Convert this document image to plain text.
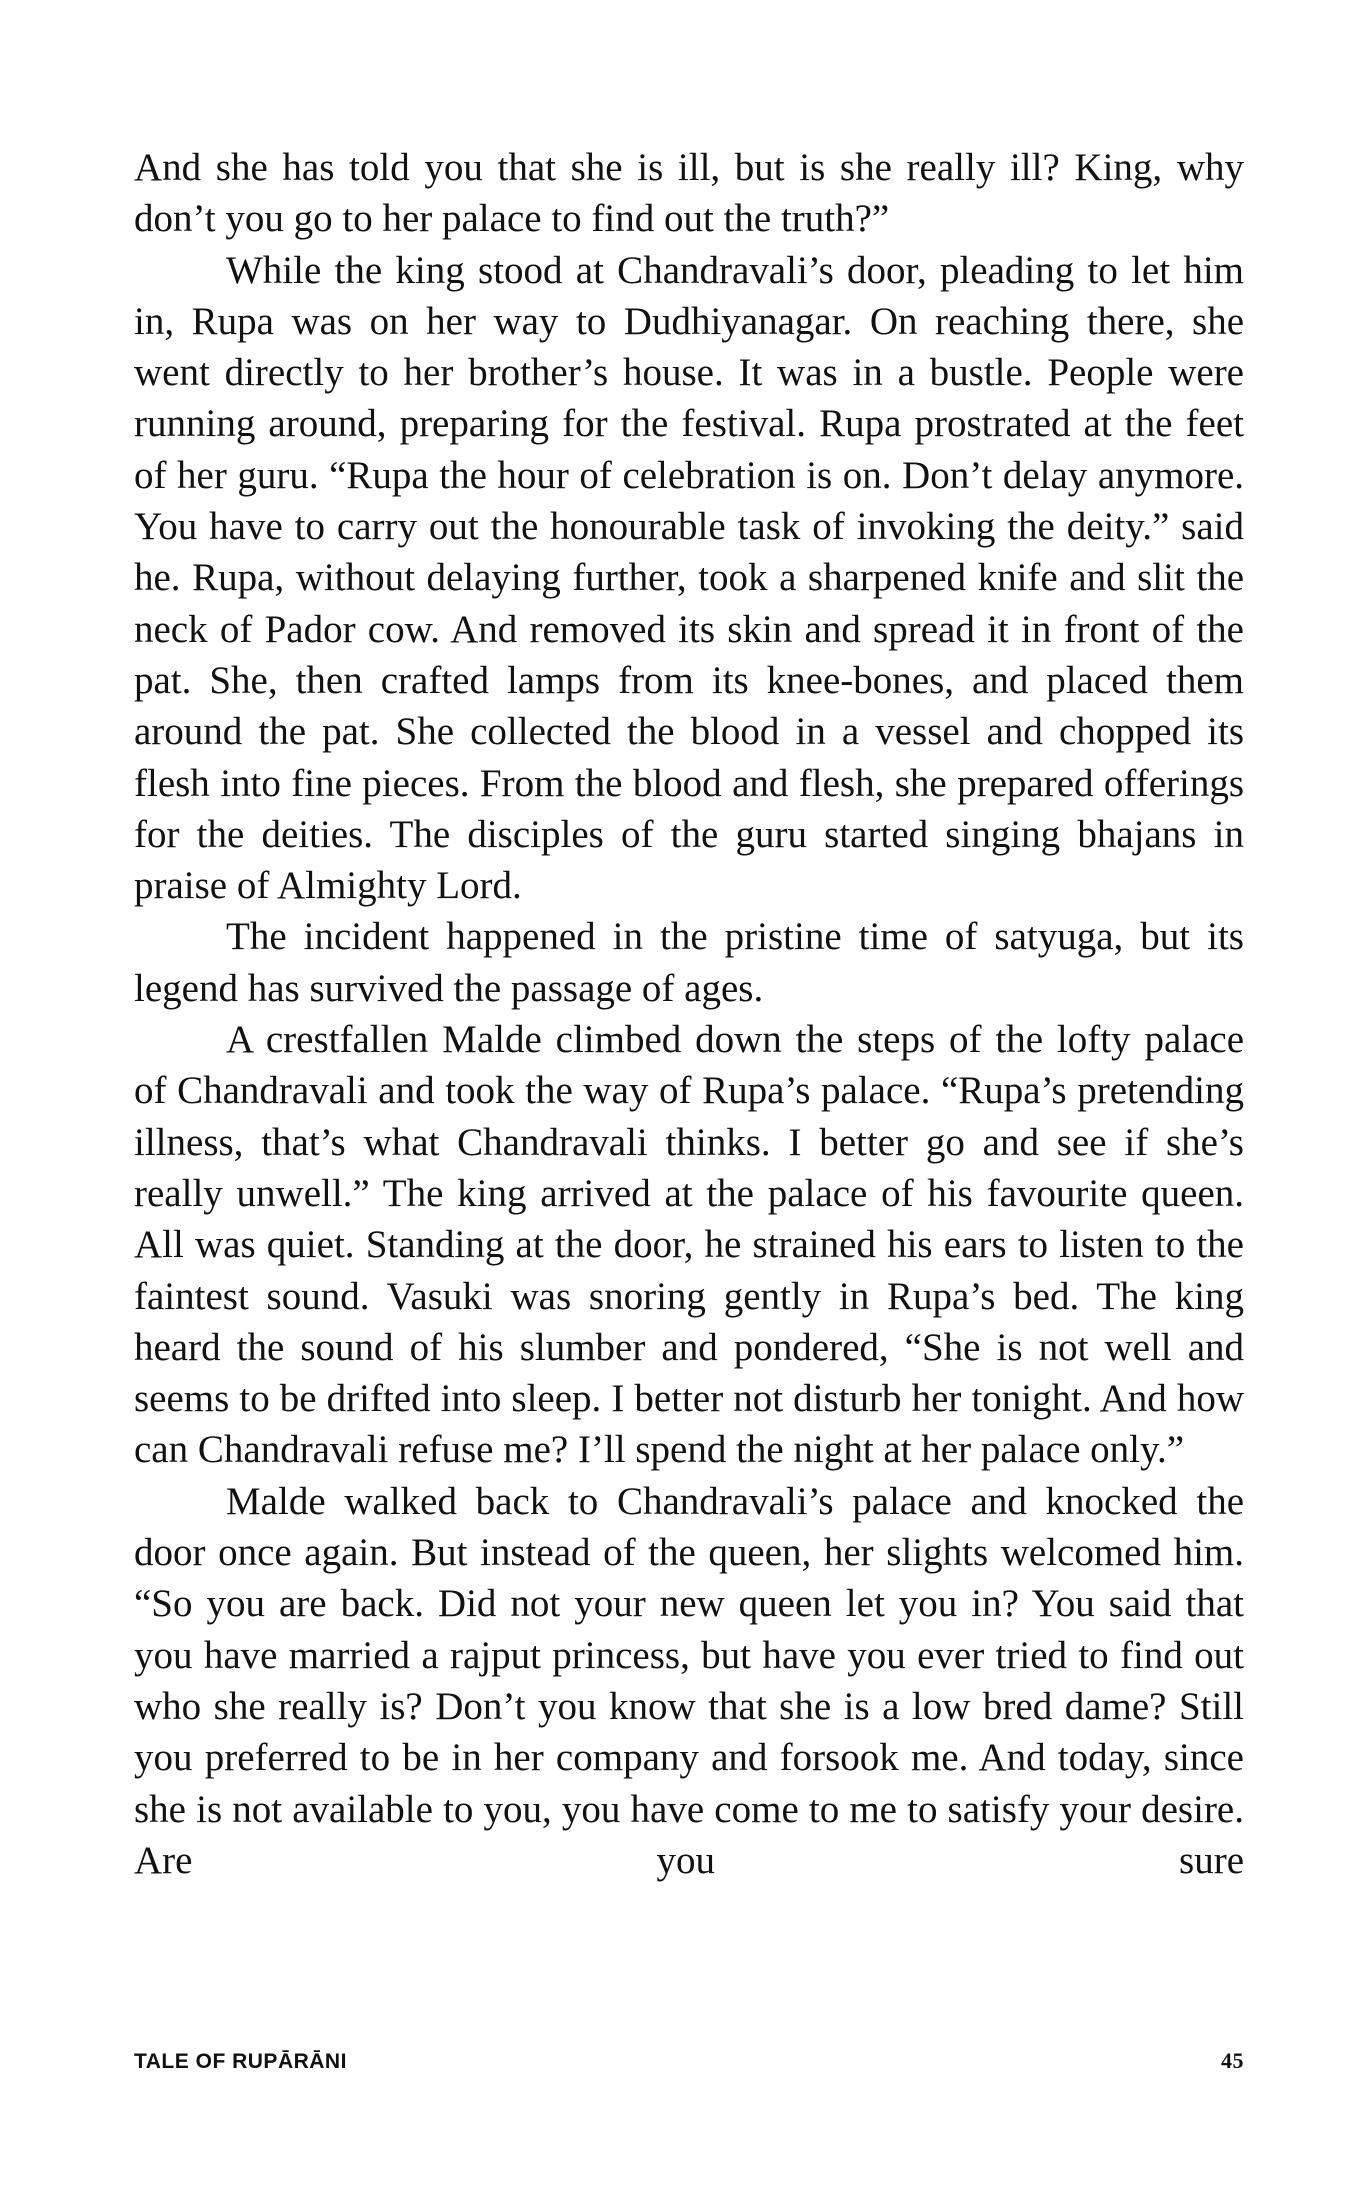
And she has told you that she is ill, but is she really ill? King, why don’t you go to her palace to find out the truth?”

While the king stood at Chandravali’s door, pleading to let him in, Rupa was on her way to Dudhiyanagar. On reaching there, she went directly to her brother’s house. It was in a bustle. People were running around, preparing for the festival. Rupa prostrated at the feet of her guru. “Rupa the hour of celebration is on. Don’t delay anymore. You have to carry out the honourable task of invoking the deity.” said he. Rupa, without delaying further, took a sharpened knife and slit the neck of Pador cow. And removed its skin and spread it in front of the pat. She, then crafted lamps from its knee-bones, and placed them around the pat. She collected the blood in a vessel and chopped its flesh into fine pieces. From the blood and flesh, she prepared offerings for the deities. The disciples of the guru started singing bhajans in praise of Almighty Lord.

The incident happened in the pristine time of satyuga, but its legend has survived the passage of ages.

A crestfallen Malde climbed down the steps of the lofty palace of Chandravali and took the way of Rupa’s palace. “Rupa’s pretending illness, that’s what Chandravali thinks. I better go and see if she’s really unwell.” The king arrived at the palace of his favourite queen. All was quiet. Standing at the door, he strained his ears to listen to the faintest sound. Vasuki was snoring gently in Rupa’s bed. The king heard the sound of his slumber and pondered, “She is not well and seems to be drifted into sleep. I better not disturb her tonight. And how can Chandravali refuse me? I’ll spend the night at her palace only.”

Malde walked back to Chandravali’s palace and knocked the door once again. But instead of the queen, her slights welcomed him. “So you are back. Did not your new queen let you in? You said that you have married a rajput princess, but have you ever tried to find out who she really is? Don’t you know that she is a low bred dame? Still you preferred to be in her company and forsook me. And today, since she is not available to you, you have come to me to satisfy your desire. Are you sure

TALE OF RUPĀRĀNI	45
